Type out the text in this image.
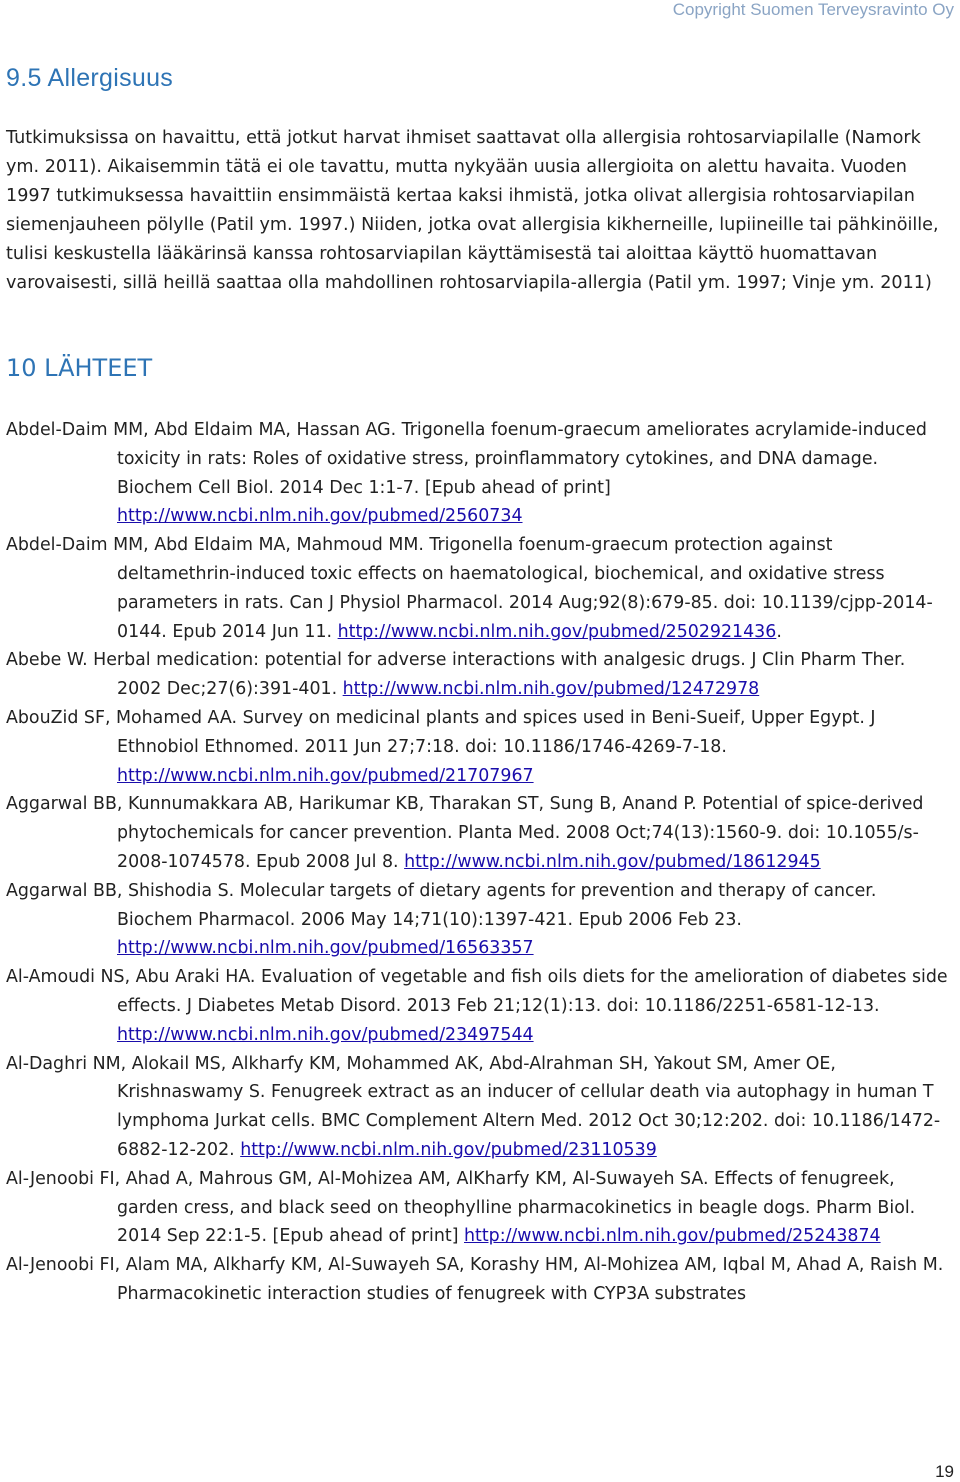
Copyright Suomen Terveysravinto Oy
9.5 Allergisuus

Tutkimuksissa on havaittu, että jotkut harvat ihmiset saattavat olla allergisia rohtosarviapilalle (Namork ym. 2011). Aikaisemmin tätä ei ole tavattu, mutta nykyään uusia allergioita on alettu havaita. Vuoden 1997 tutkimuksessa havaittiin ensimmäistä kertaa kaksi ihmistä, jotka olivat allergisia rohtosarviapilan siemenjauheen pölylle (Patil ym. 1997.) Niiden, jotka ovat allergisia kikherneille, lupiineille tai pähkinöille, tulisi keskustella lääkärinsä kanssa rohtosarviapilan käyttämisestä tai aloittaa käyttö huomattavan varovaisesti, sillä heillä saattaa olla mahdollinen rohtosarviapila-allergia (Patil ym. 1997; Vinje ym. 2011)

10 LÄHTEET
Abdel-Daim MM, Abd Eldaim MA, Hassan AG. Trigonella foenum-graecum ameliorates acrylamide-induced toxicity in rats: Roles of oxidative stress, proinflammatory cytokines, and DNA damage. Biochem Cell Biol. 2014 Dec 1:1-7. [Epub ahead of print] http://www.ncbi.nlm.nih.gov/pubmed/2560734
Abdel-Daim MM, Abd Eldaim MA, Mahmoud MM. Trigonella foenum-graecum protection against deltamethrin-induced toxic effects on haematological, biochemical, and oxidative stress parameters in rats. Can J Physiol Pharmacol. 2014 Aug;92(8):679-85. doi: 10.1139/cjpp-2014-0144. Epub 2014 Jun 11. http://www.ncbi.nlm.nih.gov/pubmed/2502921436.
Abebe W. Herbal medication: potential for adverse interactions with analgesic drugs. J Clin Pharm Ther. 2002 Dec;27(6):391-401. http://www.ncbi.nlm.nih.gov/pubmed/12472978
AbouZid SF, Mohamed AA. Survey on medicinal plants and spices used in Beni-Sueif, Upper Egypt. J Ethnobiol Ethnomed. 2011 Jun 27;7:18. doi: 10.1186/1746-4269-7-18. http://www.ncbi.nlm.nih.gov/pubmed/21707967
Aggarwal BB, Kunnumakkara AB, Harikumar KB, Tharakan ST, Sung B, Anand P. Potential of spice-derived phytochemicals for cancer prevention. Planta Med. 2008 Oct;74(13):1560-9. doi: 10.1055/s-2008-1074578. Epub 2008 Jul 8. http://www.ncbi.nlm.nih.gov/pubmed/18612945
Aggarwal BB, Shishodia S. Molecular targets of dietary agents for prevention and therapy of cancer. Biochem Pharmacol. 2006 May 14;71(10):1397-421. Epub 2006 Feb 23. http://www.ncbi.nlm.nih.gov/pubmed/16563357
Al-Amoudi NS, Abu Araki HA. Evaluation of vegetable and fish oils diets for the amelioration of diabetes side effects. J Diabetes Metab Disord. 2013 Feb 21;12(1):13. doi: 10.1186/2251-6581-12-13. http://www.ncbi.nlm.nih.gov/pubmed/23497544
Al-Daghri NM, Alokail MS, Alkharfy KM, Mohammed AK, Abd-Alrahman SH, Yakout SM, Amer OE, Krishnaswamy S. Fenugreek extract as an inducer of cellular death via autophagy in human T lymphoma Jurkat cells. BMC Complement Altern Med. 2012 Oct 30;12:202. doi: 10.1186/1472-6882-12-202. http://www.ncbi.nlm.nih.gov/pubmed/23110539
Al-Jenoobi FI, Ahad A, Mahrous GM, Al-Mohizea AM, AlKharfy KM, Al-Suwayeh SA. Effects of fenugreek, garden cress, and black seed on theophylline pharmacokinetics in beagle dogs. Pharm Biol. 2014 Sep 22:1-5. [Epub ahead of print] http://www.ncbi.nlm.nih.gov/pubmed/25243874
Al-Jenoobi FI, Alam MA, Alkharfy KM, Al-Suwayeh SA, Korashy HM, Al-Mohizea AM, Iqbal M, Ahad A, Raish M. Pharmacokinetic interaction studies of fenugreek with CYP3A substrates
19
